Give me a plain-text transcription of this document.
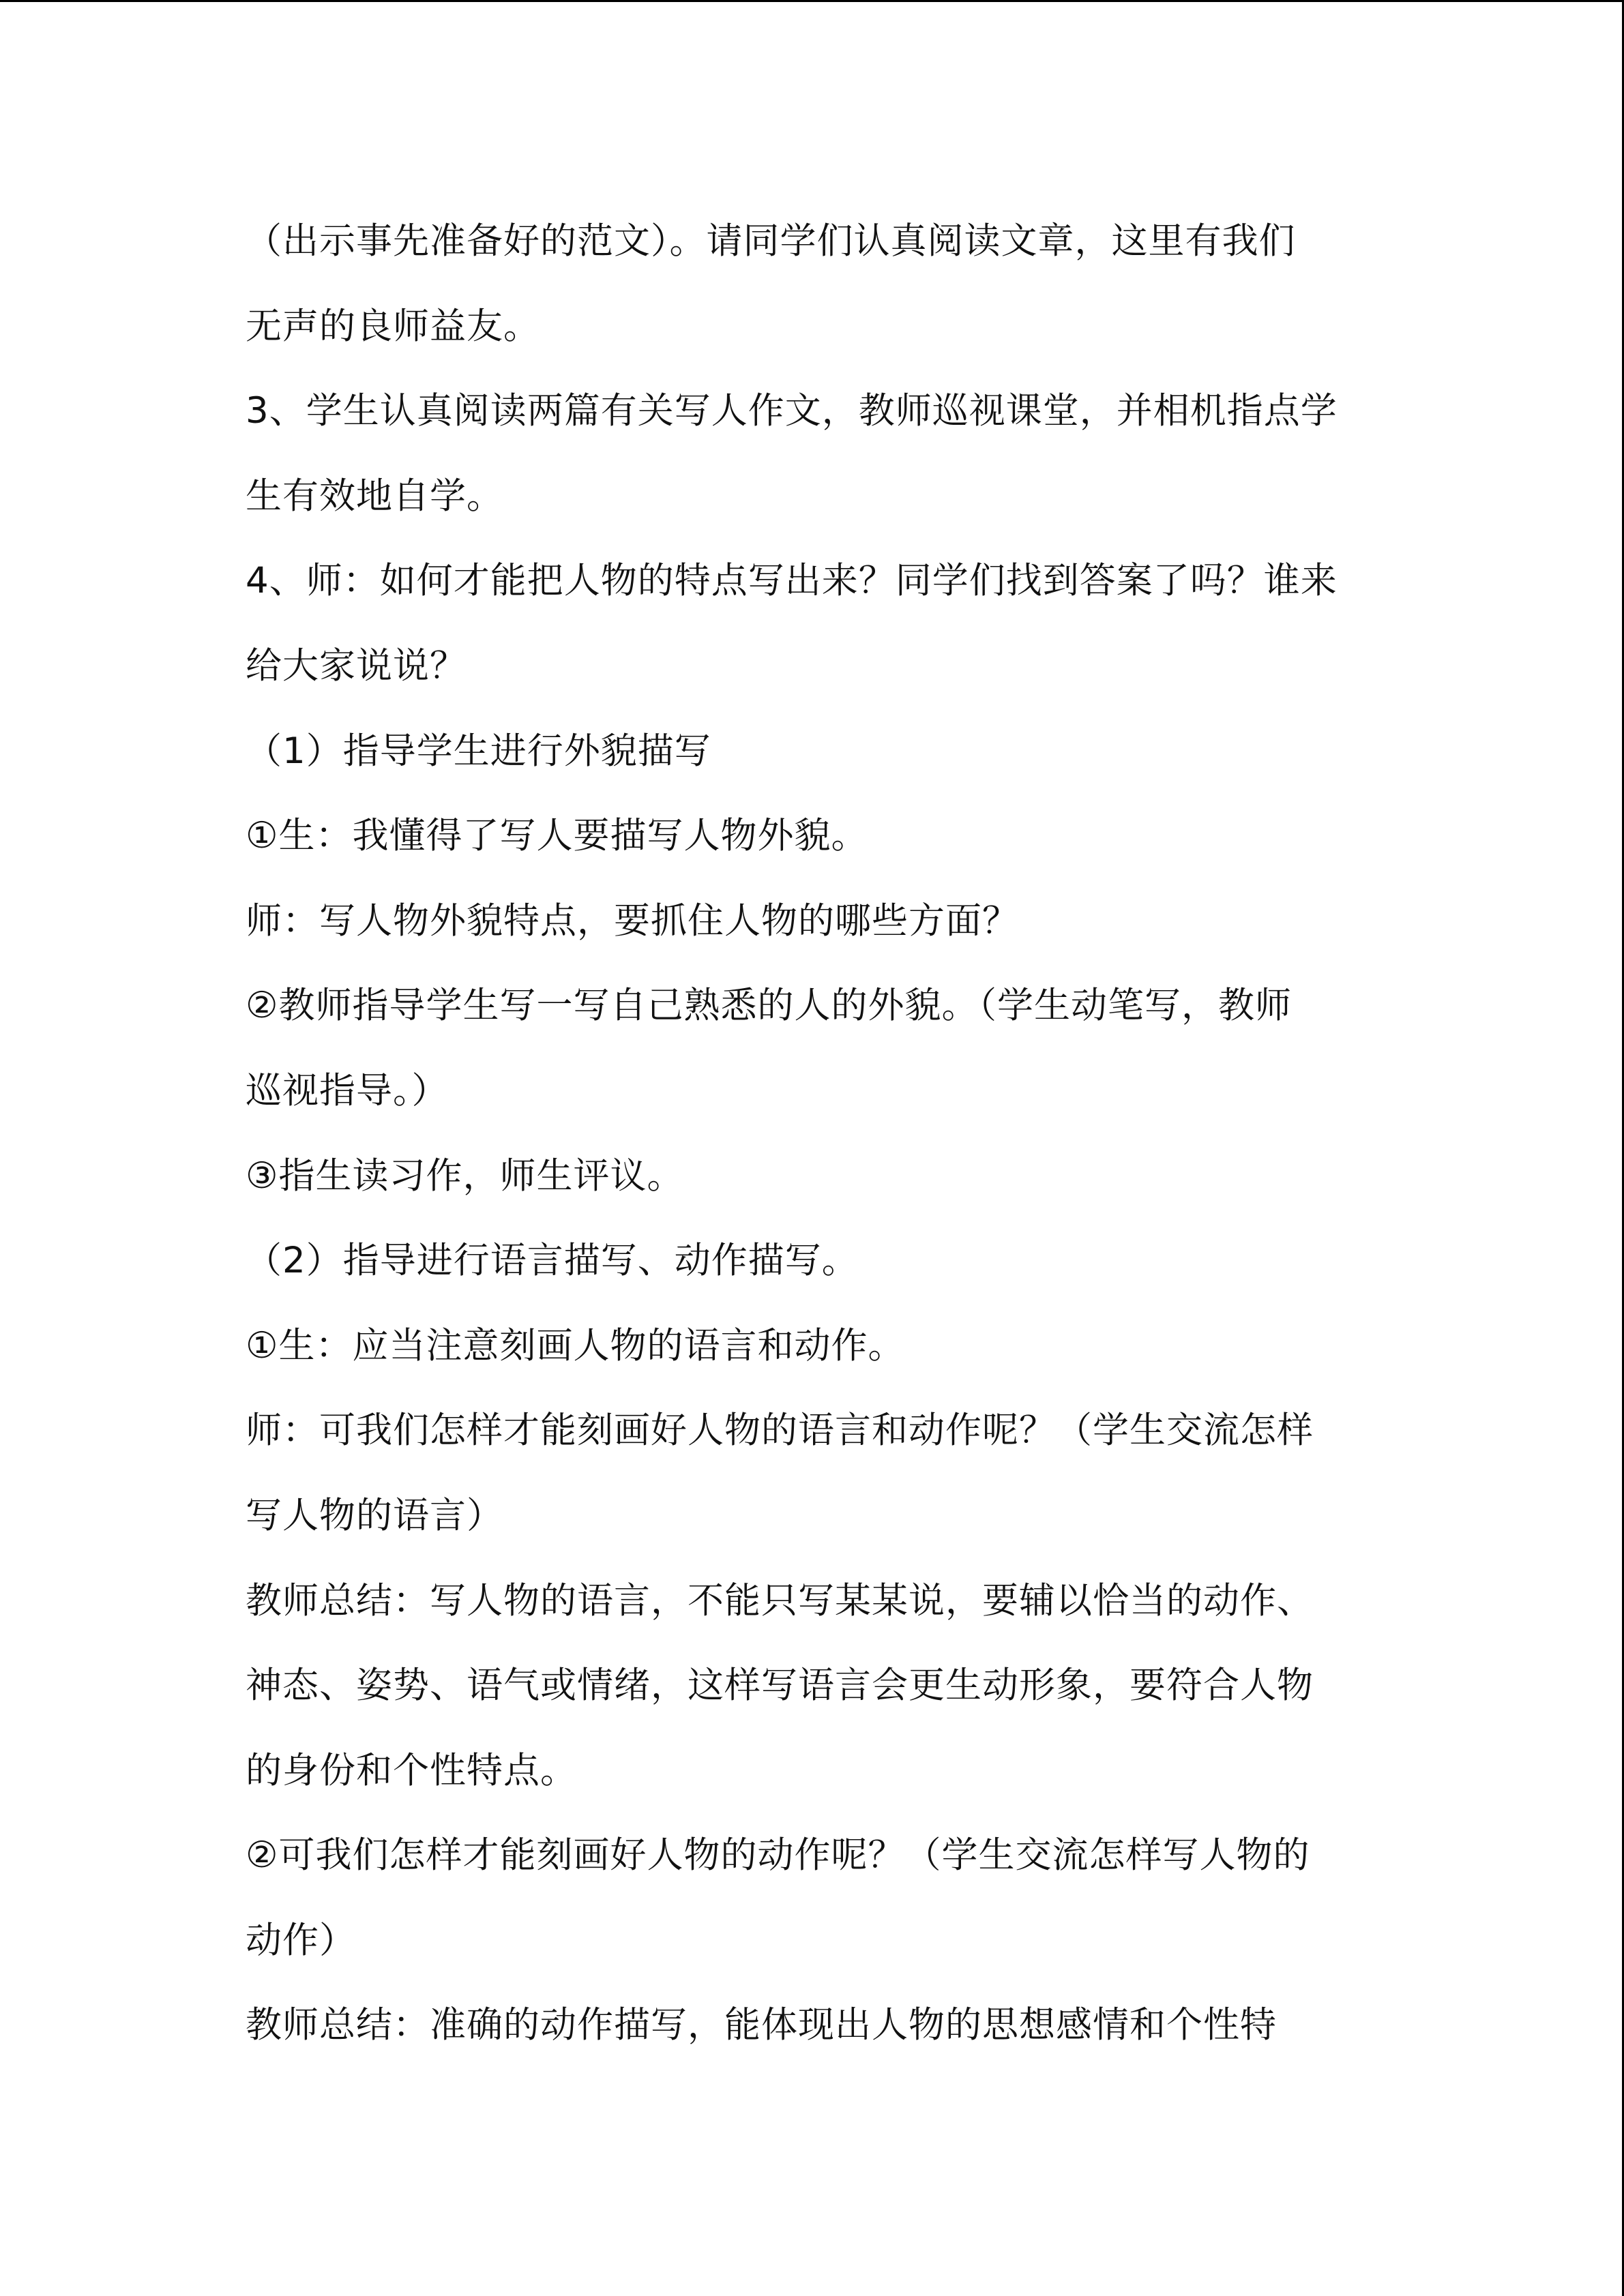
（出示事先准备好的范文）。请同学们认真阅读文章，这里有我们
无声的良师益友。
3、学生认真阅读两篇有关写人作文，教师巡视课堂，并相机指点学
生有效地自学。
4、师：如何才能把人物的特点写出来？同学们找到答案了吗？谁来
给大家说说？
（1）指导学生进行外貌描写
①生：我懂得了写人要描写人物外貌。
师：写人物外貌特点，要抓住人物的哪些方面？
②教师指导学生写一写自己熟悉的人的外貌。（学生动笔写，教师
巡视指导。）
③指生读习作，师生评议。
（2）指导进行语言描写、动作描写。
①生：应当注意刻画人物的语言和动作。
师：可我们怎样才能刻画好人物的语言和动作呢？（学生交流怎样
写人物的语言）
教师总结：写人物的语言，不能只写某某说，要辅以恰当的动作、
神态、姿势、语气或情绪，这样写语言会更生动形象，要符合人物
的身份和个性特点。
②可我们怎样才能刻画好人物的动作呢？（学生交流怎样写人物的
动作）
教师总结：准确的动作描写，能体现出人物的思想感情和个性特
